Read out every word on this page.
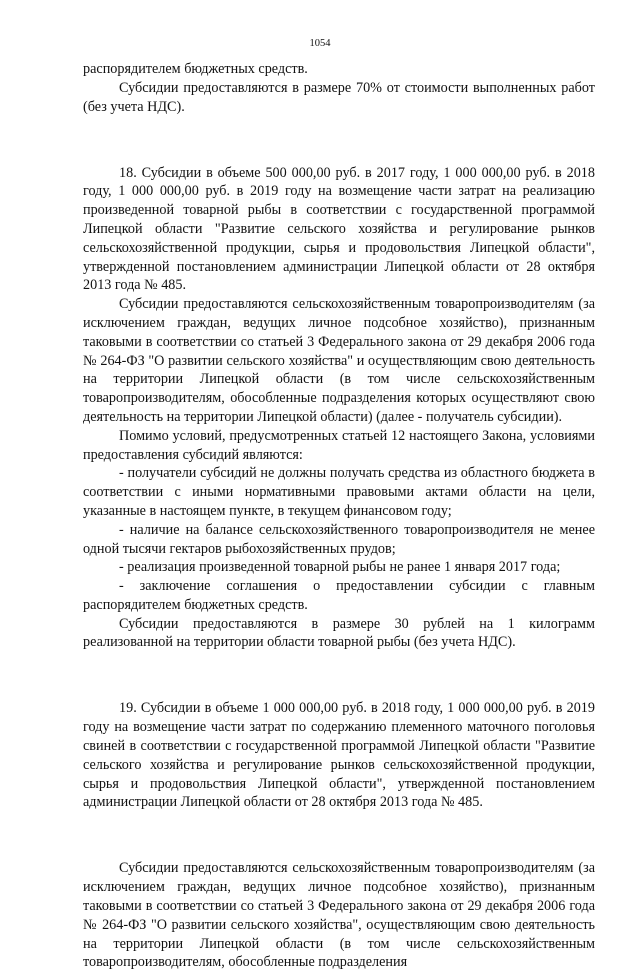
1054

распорядителем бюджетных средств.

Субсидии предоставляются в размере 70% от стоимости выполненных работ (без учета НДС).

18. Субсидии в объеме 500 000,00 руб. в 2017 году, 1 000 000,00 руб. в 2018 году, 1 000 000,00 руб. в 2019 году на возмещение части затрат на реализацию произведенной товарной рыбы в соответствии с государственной программой Липецкой области "Развитие сельского хозяйства и регулирование рынков сельскохозяйственной продукции, сырья и продовольствия Липецкой области", утвержденной постановлением администрации Липецкой области от 28 октября 2013 года № 485.

Субсидии предоставляются сельскохозяйственным товаропроизводителям (за исключением граждан, ведущих личное подсобное хозяйство), признанным таковыми в соответствии со статьей 3 Федерального закона от 29 декабря 2006 года № 264-ФЗ "О развитии сельского хозяйства" и осуществляющим свою деятельность на территории Липецкой области (в том числе сельскохозяйственным товаропроизводителям, обособленные подразделения которых осуществляют свою деятельность на территории Липецкой области) (далее - получатель субсидии).

Помимо условий, предусмотренных статьей 12 настоящего Закона, условиями предоставления субсидий являются:

- получатели субсидий не должны получать средства из областного бюджета в соответствии с иными нормативными правовыми актами области на цели, указанные в настоящем пункте, в текущем финансовом году;

- наличие на балансе сельскохозяйственного товаропроизводителя не менее одной тысячи гектаров рыбохозяйственных прудов;

- реализация произведенной товарной рыбы не ранее 1 января 2017 года;

- заключение соглашения о предоставлении субсидии с главным распорядителем бюджетных средств.

Субсидии предоставляются в размере 30 рублей на 1 килограмм реализованной на территории области товарной рыбы (без учета НДС).

19. Субсидии в объеме 1 000 000,00 руб. в 2018 году, 1 000 000,00 руб. в 2019 году на возмещение части затрат по содержанию племенного маточного поголовья свиней в соответствии с государственной программой Липецкой области "Развитие сельского хозяйства и регулирование рынков сельскохозяйственной продукции, сырья и продовольствия Липецкой области", утвержденной постановлением администрации Липецкой области от 28 октября 2013 года № 485.

Субсидии предоставляются сельскохозяйственным товаропроизводителям (за исключением граждан, ведущих личное подсобное хозяйство), признанным таковыми в соответствии со статьей 3 Федерального закона от 29 декабря 2006 года № 264-ФЗ "О развитии сельского хозяйства", осуществляющим свою деятельность на территории Липецкой области (в том числе сельскохозяйственным товаропроизводителям, обособленные подразделения
